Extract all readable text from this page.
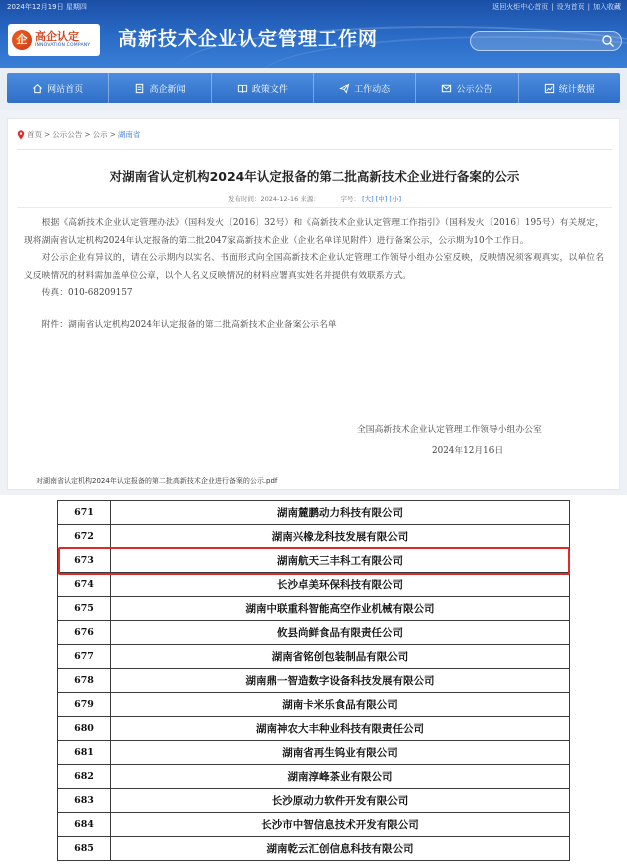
2024年12月19日 星期四	返回火炬中心首页 | 设为首页 | 加入收藏
企 高企认定
INNOVATION COMPANY 高新技术企业认定管理工作网
网站首页	高企新闻	政策文件	工作动态	公示公告	统计数据
首页 > 公示公告 > 公示 > 湖南省
对湖南省认定机构2024年认定报备的第二批高新技术企业进行备案的公示
发布时间：2024-12-16 来源：	字号： [大] [中] [小]

根据《高新技术企业认定管理办法》（国科发火〔2016〕32号）和《高新技术企业认定管理工作指引》（国科发火〔2016〕195号）有关规定，现将湖南省认定机构2024年认定报备的第二批2047家高新技术企业（企业名单详见附件）进行备案公示，公示期为10个工作日。

对公示企业有异议的，请在公示期内以实名、书面形式向全国高新技术企业认定管理工作领导小组办公室反映，反映情况须客观真实，以单位名义反映情况的材料需加盖单位公章，以个人名义反映情况的材料应署真实姓名并提供有效联系方式。

传真：010-68209157

附件：湖南省认定机构2024年认定报备的第二批高新技术企业备案公示名单

全国高新技术企业认定管理工作领导小组办公室
2024年12月16日
对湖南省认定机构2024年认定报备的第二批高新技术企业进行备案的公示.pdf
671	湖南麓鹏动力科技有限公司
672	湖南兴橡龙科技发展有限公司
673	湖南航天三丰科工有限公司
674	长沙卓美环保科技有限公司
675	湖南中联重科智能高空作业机械有限公司
676	攸县尚鲜食品有限责任公司
677	湖南省铭创包装制品有限公司
678	湖南鼎一智造数字设备科技发展有限公司
679	湖南卡米乐食品有限公司
680	湖南神农大丰种业科技有限责任公司
681	湖南省再生钨业有限公司
682	湖南淳峰茶业有限公司
683	长沙原动力软件开发有限公司
684	长沙市中智信息技术开发有限公司
685	湖南乾云汇创信息科技有限公司
